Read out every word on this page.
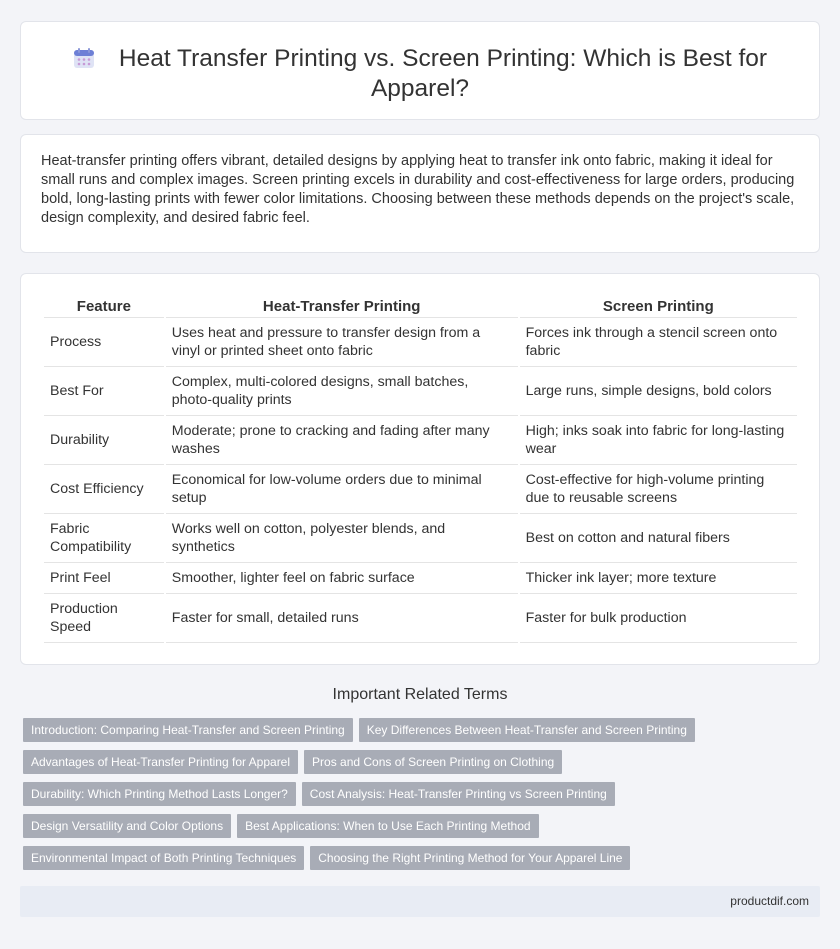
Heat Transfer Printing vs. Screen Printing: Which is Best for Apparel?

Heat-transfer printing offers vibrant, detailed designs by applying heat to transfer ink onto fabric, making it ideal for small runs and complex images. Screen printing excels in durability and cost-effectiveness for large orders, producing bold, long-lasting prints with fewer color limitations. Choosing between these methods depends on the project's scale, design complexity, and desired fabric feel.

Feature	Heat-Transfer Printing	Screen Printing
Process	Uses heat and pressure to transfer design from a vinyl or printed sheet onto fabric	Forces ink through a stencil screen onto fabric
Best For	Complex, multi-colored designs, small batches, photo-quality prints	Large runs, simple designs, bold colors
Durability	Moderate; prone to cracking and fading after many washes	High; inks soak into fabric for long-lasting wear
Cost Efficiency	Economical for low-volume orders due to minimal setup	Cost-effective for high-volume printing due to reusable screens
Fabric Compatibility	Works well on cotton, polyester blends, and synthetics	Best on cotton and natural fibers
Print Feel	Smoother, lighter feel on fabric surface	Thicker ink layer; more texture
Production Speed	Faster for small, detailed runs	Faster for bulk production
Important Related Terms
Introduction: Comparing Heat-Transfer and Screen Printing	Key Differences Between Heat-Transfer and Screen Printing
Advantages of Heat-Transfer Printing for Apparel	Pros and Cons of Screen Printing on Clothing
Durability: Which Printing Method Lasts Longer?	Cost Analysis: Heat-Transfer Printing vs Screen Printing
Design Versatility and Color Options	Best Applications: When to Use Each Printing Method
Environmental Impact of Both Printing Techniques	Choosing the Right Printing Method for Your Apparel Line
productdif.com
